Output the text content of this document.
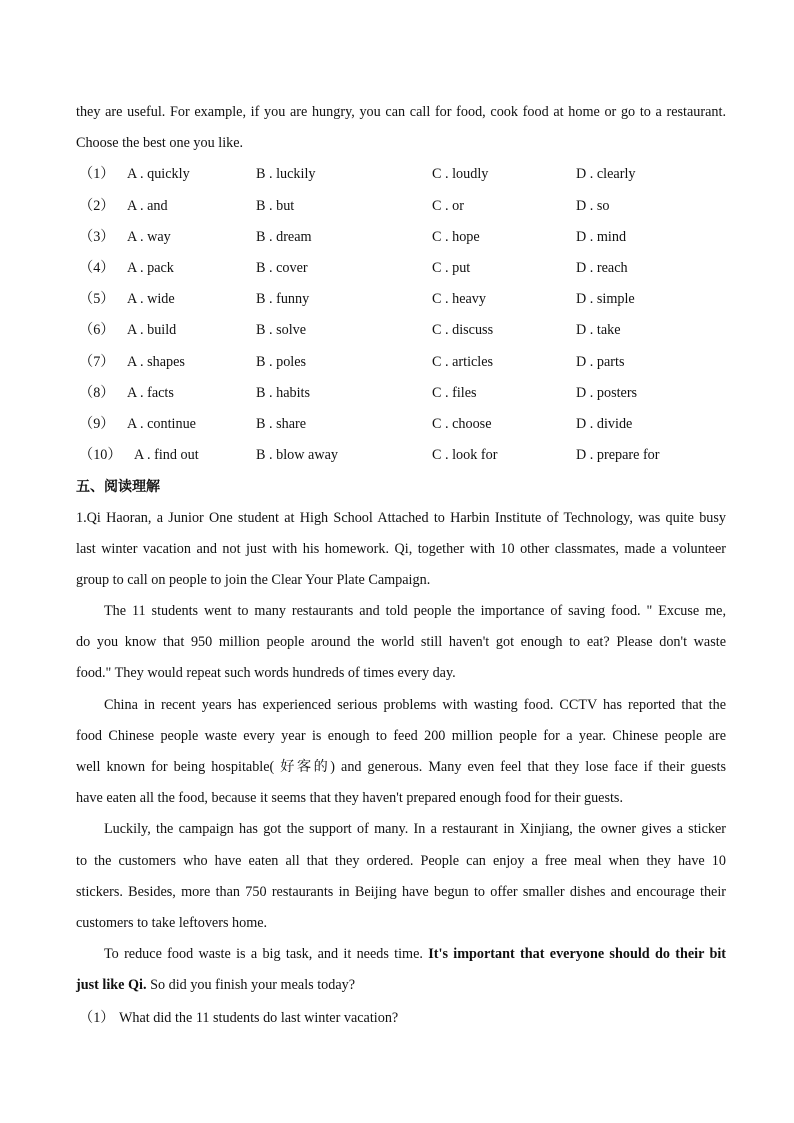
they are useful. For example, if you are hungry, you can call for food, cook food at home or go to a restaurant.
Choose the best one you like.
（1） A . quickly	B . luckily	C . loudly	D . clearly
（2） A . and	B . but	C . or	D . so
（3） A . way	B . dream	C . hope	D . mind
（4） A . pack	B . cover	C . put	D . reach
（5） A . wide	B . funny	C . heavy	D . simple
（6） A . build	B . solve	C . discuss	D . take
（7） A . shapes	B . poles	C . articles	D . parts
（8） A . facts	B . habits	C . files	D . posters
（9） A . continue	B . share	C . choose	D . divide
（10） A . find out	B . blow away	C . look for	D . prepare for
五、阅读理解
1.Qi Haoran, a Junior One student at High School Attached to Harbin Institute of Technology, was quite busy
last winter vacation and not just with his homework. Qi, together with 10 other classmates, made a volunteer
group to call on people to join the Clear Your Plate Campaign.
The 11 students went to many restaurants and told people the importance of saving food. " Excuse me,
do you know that 950 million people around the world still haven't got enough to eat? Please don't waste
food." They would repeat such words hundreds of times every day.
China in recent years has experienced serious problems with wasting food. CCTV has reported that the
food Chinese people waste every year is enough to feed 200 million people for a year. Chinese people are
well known for being hospitable( 好客的) and generous. Many even feel that they lose face if their guests
have eaten all the food, because it seems that they haven't prepared enough food for their guests.
Luckily, the campaign has got the support of many. In a restaurant in Xinjiang, the owner gives a sticker
to the customers who have eaten all that they ordered. People can enjoy a free meal when they have 10
stickers. Besides, more than 750 restaurants in Beijing have begun to offer smaller dishes and encourage their
customers to take leftovers home.
To reduce food waste is a big task, and it needs time. It's important that everyone should do their bit
just like Qi. So did you finish your meals today?
（1） What did the 11 students do last winter vacation?
